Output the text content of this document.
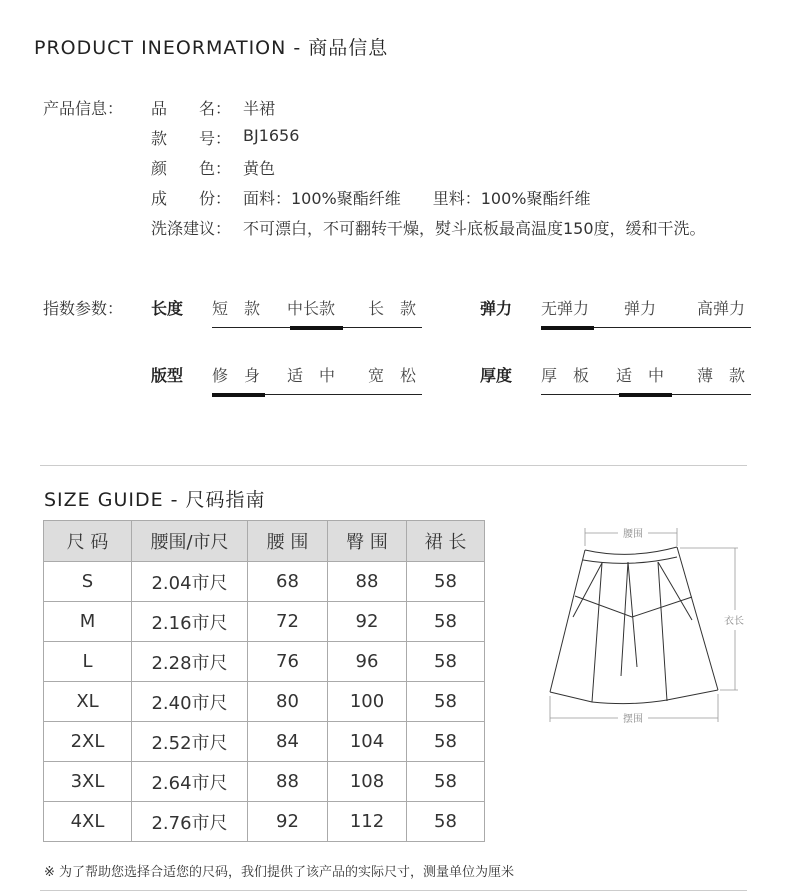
PRODUCT INEORMATION - 商品信息
产品信息： 品　　名： 半裙
款　　号： BJ1656
颜　　色： 黄色
成　　份： 面料：100%聚酯纤维　　里料：100%聚酯纤维
洗涤建议： 不可漂白，不可翻转干燥，熨斗底板最高温度150度，缓和干洗。
指数参数： 长度 短　款	中长款	长　款	弹力 无弹力	弹力	高弹力
版型 修　身	适　中	宽　松	厚度 厚　板	适　中	薄　款
SIZE GUIDE - 尺码指南
尺 码	腰围/市尺	腰 围	臀 围	裙 长
S	2.04市尺	68	88	58
M	2.16市尺	72	92	58
L	2.28市尺	76	96	58
XL	2.40市尺	80	100	58
2XL	2.52市尺	84	104	58
3XL	2.64市尺	88	108	58
4XL	2.76市尺	92	112	58
腰围
衣长
摆围
※ 为了帮助您选择合适您的尺码，我们提供了该产品的实际尺寸，测量单位为厘米
